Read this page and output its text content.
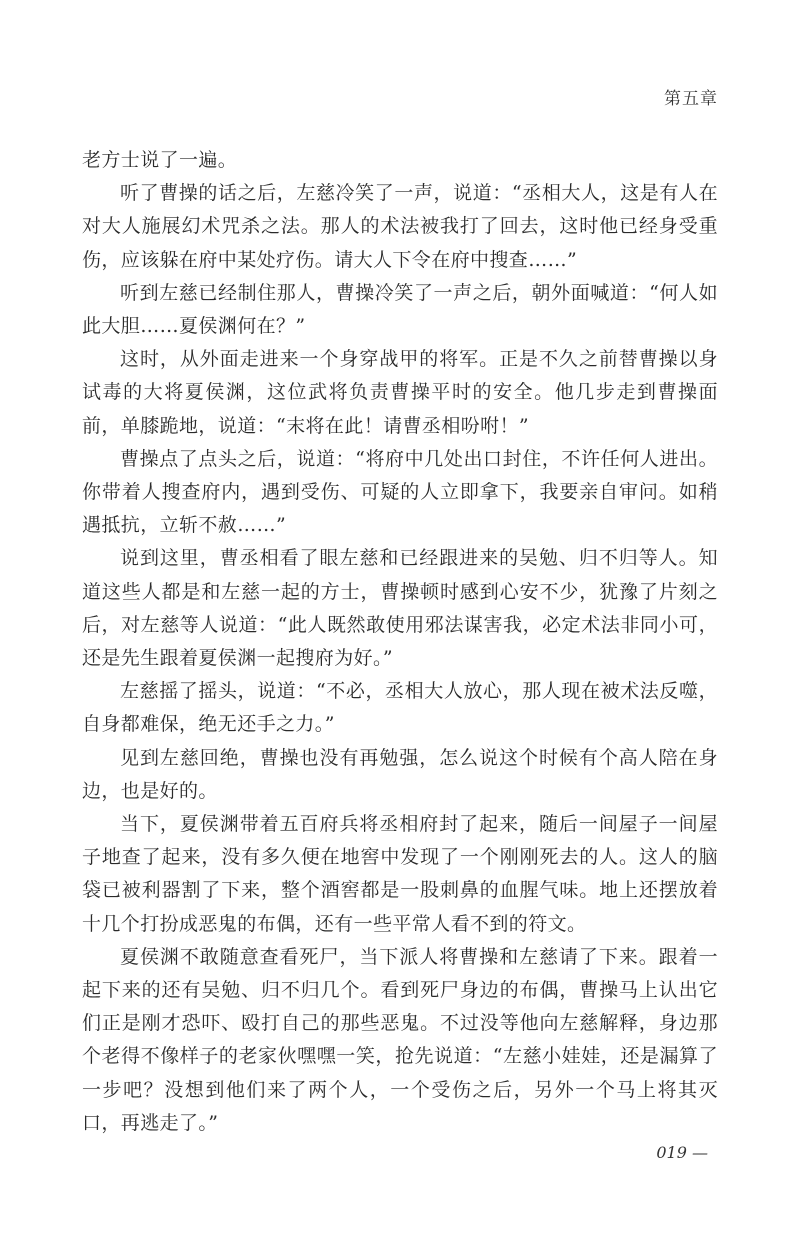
第五章

老方士说了一遍。

听了曹操的话之后，左慈冷笑了一声，说道：“丞相大人，这是有人在对大人施展幻术咒杀之法。那人的术法被我打了回去，这时他已经身受重伤，应该躲在府中某处疗伤。请大人下令在府中搜查……”

听到左慈已经制住那人，曹操冷笑了一声之后，朝外面喊道：“何人如此大胆……夏侯渊何在？”

这时，从外面走进来一个身穿战甲的将军。正是不久之前替曹操以身试毒的大将夏侯渊，这位武将负责曹操平时的安全。他几步走到曹操面前，单膝跪地，说道：“末将在此！请曹丞相吩咐！”

曹操点了点头之后，说道：“将府中几处出口封住，不许任何人进出。你带着人搜查府内，遇到受伤、可疑的人立即拿下，我要亲自审问。如稍遇抵抗，立斩不赦……”

说到这里，曹丞相看了眼左慈和已经跟进来的吴勉、归不归等人。知道这些人都是和左慈一起的方士，曹操顿时感到心安不少，犹豫了片刻之后，对左慈等人说道：“此人既然敢使用邪法谋害我，必定术法非同小可，还是先生跟着夏侯渊一起搜府为好。”

左慈摇了摇头，说道：“不必，丞相大人放心，那人现在被术法反噬，自身都难保，绝无还手之力。”

见到左慈回绝，曹操也没有再勉强，怎么说这个时候有个高人陪在身边，也是好的。

当下，夏侯渊带着五百府兵将丞相府封了起来，随后一间屋子一间屋子地查了起来，没有多久便在地窖中发现了一个刚刚死去的人。这人的脑袋已被利器割了下来，整个酒窖都是一股刺鼻的血腥气味。地上还摆放着十几个打扮成恶鬼的布偶，还有一些平常人看不到的符文。

夏侯渊不敢随意查看死尸，当下派人将曹操和左慈请了下来。跟着一起下来的还有吴勉、归不归几个。看到死尸身边的布偶，曹操马上认出它们正是刚才恐吓、殴打自己的那些恶鬼。不过没等他向左慈解释，身边那个老得不像样子的老家伙嘿嘿一笑，抢先说道：“左慈小娃娃，还是漏算了一步吧？没想到他们来了两个人，一个受伤之后，另外一个马上将其灭口，再逃走了。”

019 —
